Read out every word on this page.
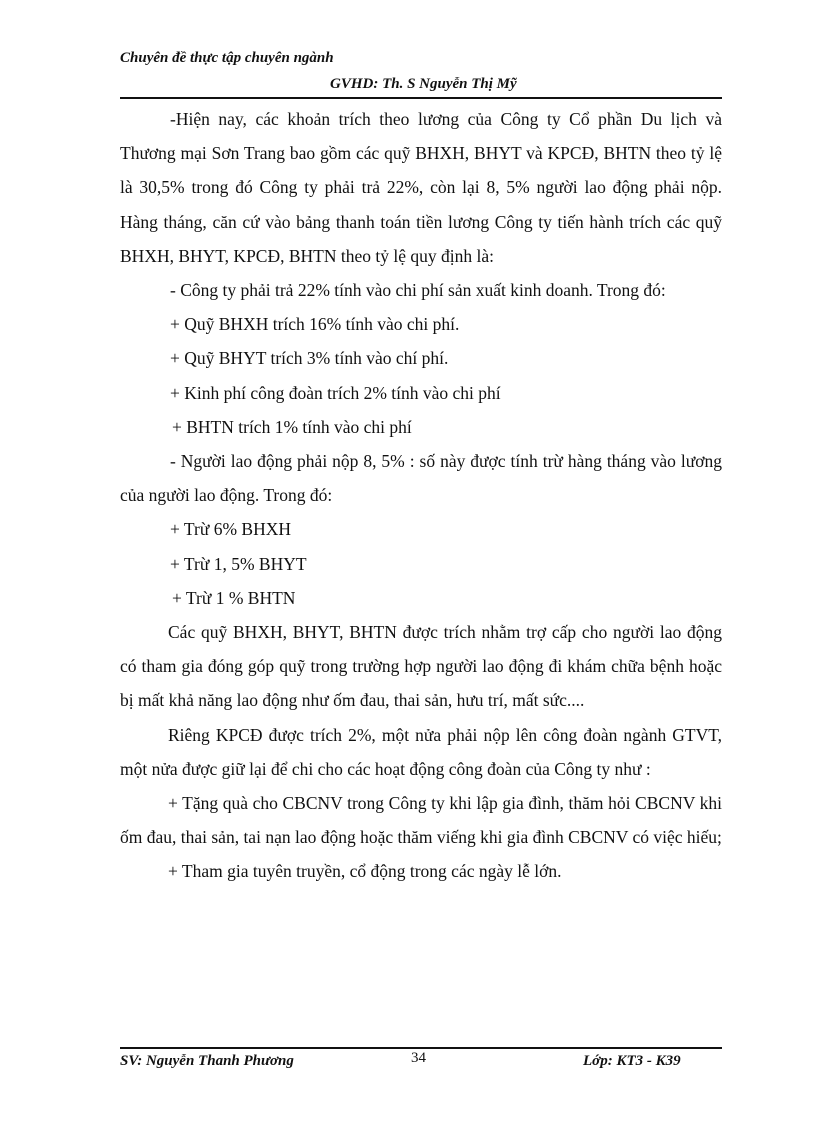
Chuyên đề thực tập chuyên ngành
GVHD: Th. S Nguyễn Thị Mỹ

-Hiện nay, các khoản trích theo lương của Công ty Cổ phần Du lịch và Thương mại Sơn Trang bao gồm các quỹ BHXH, BHYT và KPCĐ, BHTN theo tỷ lệ là 30,5% trong đó Công ty phải trả 22%, còn lại 8, 5% người lao động phải nộp. Hàng tháng, căn cứ vào bảng thanh toán tiền lương Công ty tiến hành trích các quỹ BHXH, BHYT, KPCĐ, BHTN theo tỷ lệ quy định là:

- Công ty phải trả 22% tính vào chi phí sản xuất kinh doanh. Trong đó:

+ Quỹ BHXH trích 16% tính vào chi phí.

+ Quỹ BHYT trích 3% tính vào chí phí.

+ Kinh phí công đoàn trích 2% tính vào chi phí

+ BHTN trích 1% tính vào chi phí

- Người lao động phải nộp 8, 5% : số này được tính trừ hàng tháng vào lương của người lao động. Trong đó:

+ Trừ 6% BHXH

+ Trừ 1, 5% BHYT

+ Trừ 1 % BHTN

Các quỹ BHXH, BHYT, BHTN được trích nhằm trợ cấp cho người lao động có tham gia đóng góp quỹ trong trường hợp người lao động đi khám chữa bệnh hoặc bị mất khả năng lao động như ốm đau, thai sản, hưu trí, mất sức....

Riêng KPCĐ được trích 2%, một nửa phải nộp lên công đoàn ngành GTVT, một nửa được giữ lại để chi cho các hoạt động công đoàn của Công ty như :

+ Tặng quà cho CBCNV trong Công ty khi lập gia đình, thăm hỏi CBCNV khi ốm đau, thai sản, tai nạn lao động hoặc thăm viếng khi gia đình CBCNV có việc hiếu;

+ Tham gia tuyên truyền, cổ động trong các ngày lễ lớn.

SV: Nguyễn Thanh Phương	34	Lớp: KT3 - K39
